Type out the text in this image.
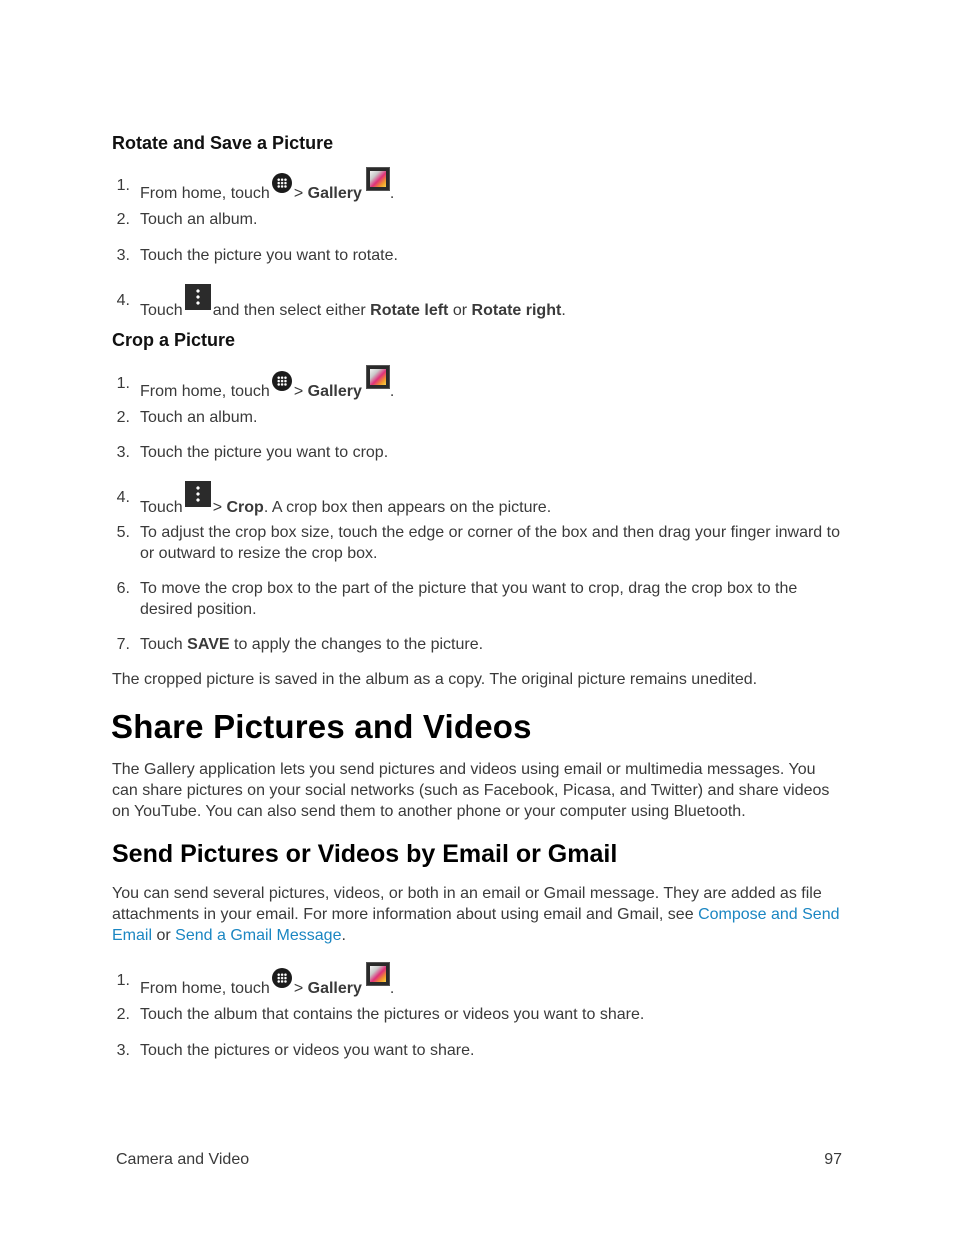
Rotate and Save a Picture
1. From home, touch > Gallery .
2. Touch an album.
3. Touch the picture you want to rotate.
4.
Touch and then select either Rotate left or Rotate right.
Crop a Picture
1. From home, touch > Gallery .
2. Touch an album.
3. Touch the picture you want to crop.
4.
Touch > Crop. A crop box then appears on the picture.
5. To adjust the crop box size, touch the edge or corner of the box and then drag your finger inward to or outward to resize the crop box.
6. To move the crop box to the part of the picture that you want to crop, drag the crop box to the desired position.
7. Touch SAVE to apply the changes to the picture.

The cropped picture is saved in the album as a copy. The original picture remains unedited.

Share Pictures and Videos

The Gallery application lets you send pictures and videos using email or multimedia messages. You can share pictures on your social networks (such as Facebook, Picasa, and Twitter) and share videos on YouTube. You can also send them to another phone or your computer using Bluetooth.

Send Pictures or Videos by Email or Gmail

You can send several pictures, videos, or both in an email or Gmail message. They are added as file attachments in your email. For more information about using email and Gmail, see Compose and Send Email or Send a Gmail Message.

1. From home, touch > Gallery .
2. Touch the album that contains the pictures or videos you want to share.
3. Touch the pictures or videos you want to share.
Camera and Video	97
